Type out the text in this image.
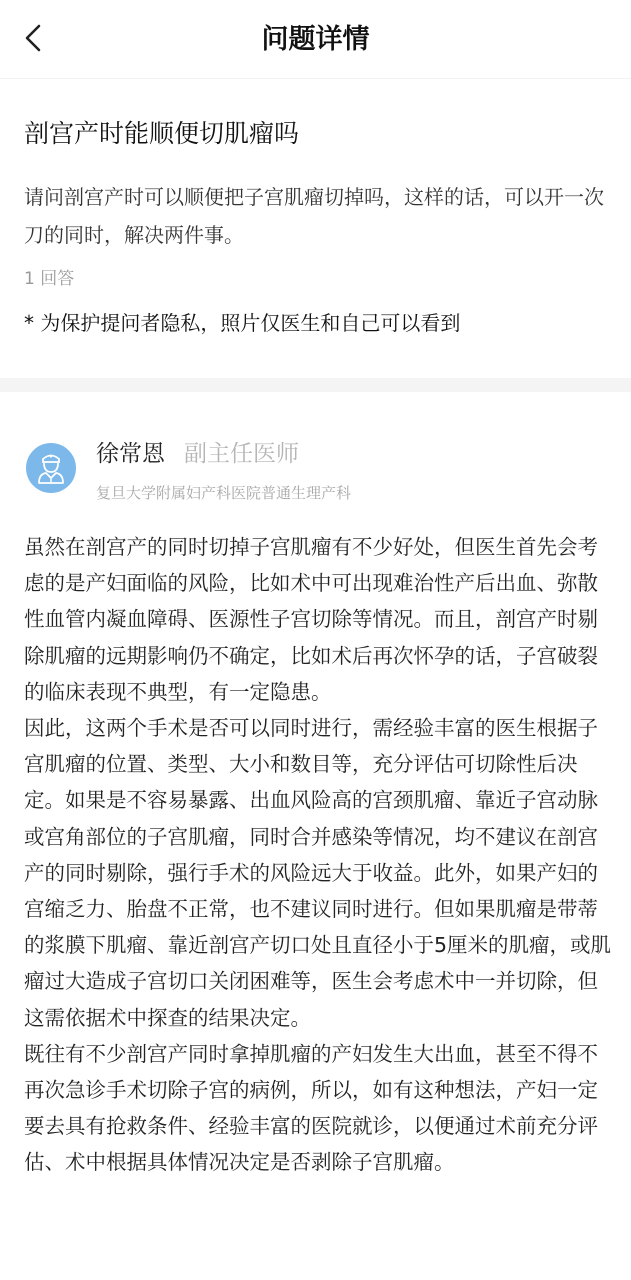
问题详情
剖宫产时能顺便切肌瘤吗
请问剖宫产时可以顺便把子宫肌瘤切掉吗，这样的话，可以开一次刀的同时，解决两件事。
1 回答
* 为保护提问者隐私，照片仅医生和自己可以看到
徐常恩 副主任医师
复旦大学附属妇产科医院普通生理产科

虽然在剖宫产的同时切掉子宫肌瘤有不少好处，但医生首先会考虑的是产妇面临的风险，比如术中可出现难治性产后出血、弥散性血管内凝血障碍、医源性子宫切除等情况。而且，剖宫产时剔除肌瘤的远期影响仍不确定，比如术后再次怀孕的话，子宫破裂的临床表现不典型，有一定隐患。

因此，这两个手术是否可以同时进行，需经验丰富的医生根据子宫肌瘤的位置、类型、大小和数目等，充分评估可切除性后决定。如果是不容易暴露、出血风险高的宫颈肌瘤、靠近子宫动脉或宫角部位的子宫肌瘤，同时合并感染等情况，均不建议在剖宫产的同时剔除，强行手术的风险远大于收益。此外，如果产妇的宫缩乏力、胎盘不正常，也不建议同时进行。但如果肌瘤是带蒂的浆膜下肌瘤、靠近剖宫产切口处且直径小于5厘米的肌瘤，或肌瘤过大造成子宫切口关闭困难等，医生会考虑术中一并切除，但这需依据术中探查的结果决定。

既往有不少剖宫产同时拿掉肌瘤的产妇发生大出血，甚至不得不再次急诊手术切除子宫的病例，所以，如有这种想法，产妇一定要去具有抢救条件、经验丰富的医院就诊，以便通过术前充分评估、术中根据具体情况决定是否剥除子宫肌瘤。
